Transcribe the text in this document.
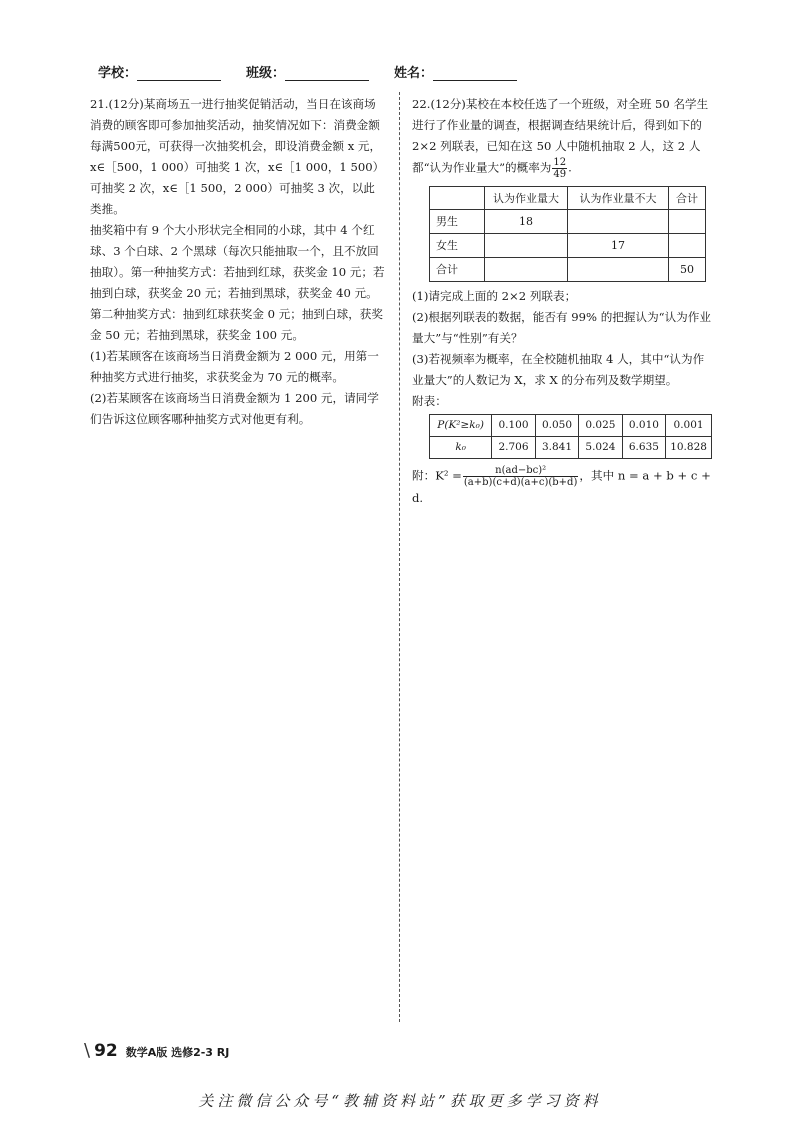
学校：	班级：	姓名：

21.(12分)某商场五一进行抽奖促销活动，当日在该商场消费的顾客即可参加抽奖活动，抽奖情况如下：消费金额每满500元，可获得一次抽奖机会，即设消费金额 x 元，x∈［500，1 000）可抽奖 1 次，x∈［1 000，1 500）可抽奖 2 次，x∈［1 500，2 000）可抽奖 3 次，以此类推。

抽奖箱中有 9 个大小形状完全相同的小球，其中 4 个红球、3 个白球、2 个黑球（每次只能抽取一个，且不放回抽取）。第一种抽奖方式：若抽到红球，获奖金 10 元；若抽到白球，获奖金 20 元；若抽到黑球，获奖金 40 元。第二种抽奖方式：抽到红球获奖金 0 元；抽到白球，获奖金 50 元；若抽到黑球，获奖金 100 元。

(1)若某顾客在该商场当日消费金额为 2 000 元，用第一种抽奖方式进行抽奖，求获奖金为 70 元的概率。

(2)若某顾客在该商场当日消费金额为 1 200 元，请同学们告诉这位顾客哪种抽奖方式对他更有利。

22.(12分)某校在本校任选了一个班级，对全班 50 名学生进行了作业量的调查，根据调查结果统计后，得到如下的 2×2 列联表，已知在这 50 人中随机抽取 2 人，这 2 人都“认为作业量大”的概率为 $\frac{12}{49}$ .

	认为作业量大	认为作业量不大	合计
男生	18		
女生		17	
合计			50

(1)请完成上面的 2×2 列联表；

(2)根据列联表的数据，能否有 99% 的把握认为“认为作业量大”与“性别”有关？

(3)若视频率为概率，在全校随机抽取 4 人，其中“认为作业量大”的人数记为 X，求 X 的分布列及数学期望。

附表：

P(K²≥k₀)	0.100	0.050	0.025	0.010	0.001
k₀	2.706	3.841	5.024	6.635	10.828

附：$K^2 = \frac{\text{n(ad−bc)²}}{(a+b)(c+d)(a+c)(b+d)}$ ，其中 n = a + b + c + d.

\ 92 数学A版 选修2-3 RJ
关注微信公众号“教辅资料站”获取更多学习资料
